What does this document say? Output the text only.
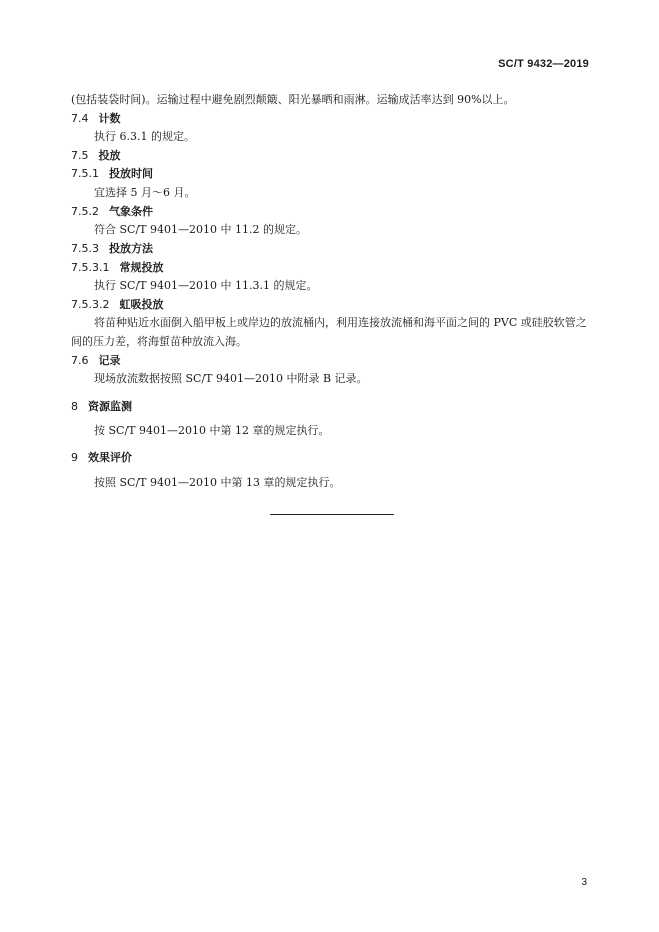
SC/T 9432—2019
(包括装袋时间)。运输过程中避免剧烈颠簸、阳光暴晒和雨淋。运输成活率达到 90%以上。
7.4 计数
执行 6.3.1 的规定。
7.5 投放
7.5.1 投放时间
宜选择 5 月～6 月。
7.5.2 气象条件
符合 SC/T 9401—2010 中 11.2 的规定。
7.5.3 投放方法
7.5.3.1 常规投放
执行 SC/T 9401—2010 中 11.3.1 的规定。
7.5.3.2 虹吸投放
将苗种贴近水面倒入船甲板上或岸边的放流桶内，利用连接放流桶和海平面之间的 PVC 或硅胶软管之间的压力差，将海蜇苗种放流入海。
7.6 记录
现场放流数据按照 SC/T 9401—2010 中附录 B 记录。
8 资源监测
按 SC/T 9401—2010 中第 12 章的规定执行。
9 效果评价
按照 SC/T 9401—2010 中第 13 章的规定执行。
3
